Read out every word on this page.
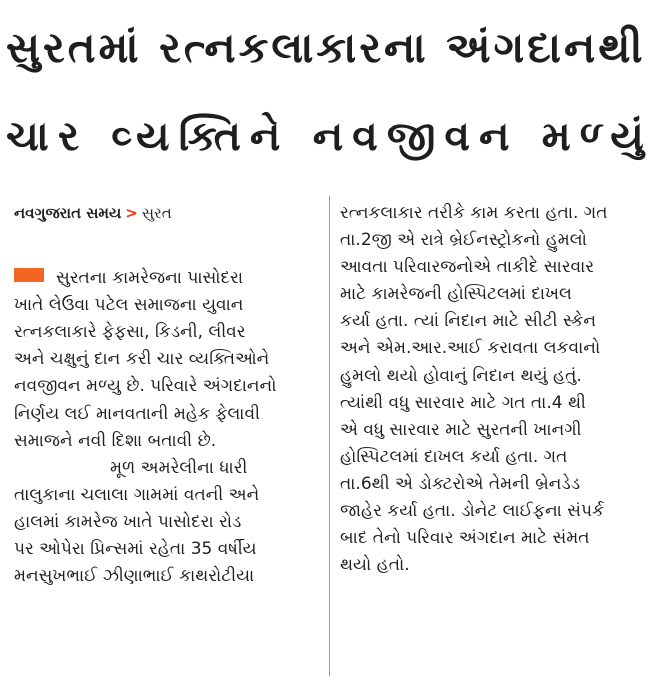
સુરતમાં રત્નકલાકારના અંગદાનથી
ચાર વ્યક્તિને નવજીવન મળ્યું
નવગુજરાત સમય > સુરત
સુરતના કામરેજના પાસોદરા
ખાતે લેઉવા પટેલ સમાજના યુવાન
રત્નકલાકારે ફેફસા, કિડની, લીવર
અને ચક્ષુનું દાન કરી ચાર વ્યક્તિઓને
નવજીવન મળ્યુ છે. પરિવારે અંગદાનનો
નિર્ણય લઈ માનવતાની મહેક ફેલાવી
સમાજને નવી દિશા બતાવી છે.
મૂળ અમરેલીના ધારી
તાલુકાના ચલાલા ગામમાં વતની અને
હાલમાં કામરેજ ખાતે પાસોદરા રોડ
પર ઓપેરા પ્રિન્સમાં રહેતા 35 વર્ષીય
મનસુખભાઈ ઝીણાભાઈ કાથરોટીયા
રત્નકલાકાર તરીકે કામ કરતા હતા. ગત
તા.2જી એ રાત્રે બ્રેઈનસ્ટ્રોકનો હુમલો
આવતા પરિવારજનોએ તાકીદે સારવાર
માટે કામરેજની હોસ્પિટલમાં દાખલ
કર્યા હતા. ત્યાં નિદાન માટે સીટી સ્કેન
અને એમ.આર.આઈ કરાવતા લકવાનો
હુમલો થયો હોવાનું નિદાન થયું હતું.
ત્યાંથી વધુ સારવાર માટે ગત તા.4 થી
એ વધુ સારવાર માટે સુરતની ખાનગી
હોસ્પિટલમાં દાખલ કર્યા હતા. ગત
તા.6થી એ ડોક્ટરોએ તેમની બ્રેનડેડ
જાહેર કર્યા હતા. ડોનેટ લાઈફના સંપર્ક
બાદ તેનો પરિવાર અંગદાન માટે સંમત
થયો હતો.
